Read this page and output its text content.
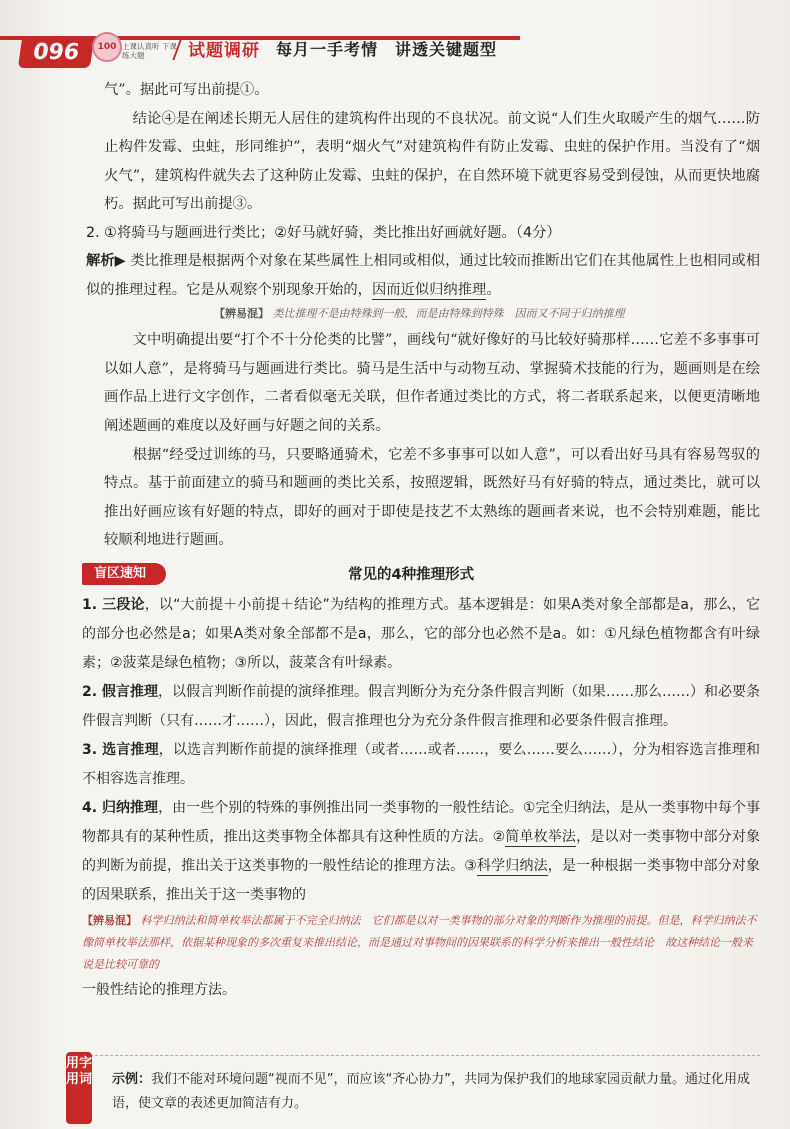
096	100 上课认真听 下课练大题	试题调研 每月一手考情　讲透关键题型

气”。据此可写出前提①。

结论④是在阐述长期无人居住的建筑构件出现的不良状况。前文说“人们生火取暖产生的烟气……防止构件发霉、虫蛀，形同维护”，表明“烟火气”对建筑构件有防止发霉、虫蛀的保护作用。当没有了“烟火气”，建筑构件就失去了这种防止发霉、虫蛀的保护，在自然环境下就更容易受到侵蚀，从而更快地腐朽。据此可写出前提③。

2. ①将骑马与题画进行类比；②好马就好骑，类比推出好画就好题。（4分）

解析▶ 类比推理是根据两个对象在某些属性上相同或相似，通过比较而推断出它们在其他属性上也相同或相似的推理过程。它是从观察个别现象开始的，因而近似归纳推理。

【辨易混】 类比推理不是由特殊到一般，而是由特殊到特殊　因而又不同于归纳推理

文中明确提出要“打个不十分伦类的比譬”，画线句“就好像好的马比较好骑那样……它差不多事事可以如人意”，是将骑马与题画进行类比。骑马是生活中与动物互动、掌握骑术技能的行为，题画则是在绘画作品上进行文字创作，二者看似毫无关联，但作者通过类比的方式，将二者联系起来，以便更清晰地阐述题画的难度以及好画与好题之间的关系。

根据“经受过训练的马，只要略通骑术，它差不多事事可以如人意”，可以看出好马具有容易驾驭的特点。基于前面建立的骑马和题画的类比关系，按照逻辑，既然好马有好骑的特点，通过类比，就可以推出好画应该有好题的特点，即好的画对于即使是技艺不太熟练的题画者来说，也不会特别难题，能比较顺利地进行题画。

盲区速知	常见的4种推理形式

1. 三段论，以“大前提＋小前提＋结论”为结构的推理方式。基本逻辑是：如果A类对象全部都是a，那么，它的部分也必然是a；如果A类对象全部都不是a，那么，它的部分也必然不是a。如：①凡绿色植物都含有叶绿素；②菠菜是绿色植物；③所以，菠菜含有叶绿素。

2. 假言推理，以假言判断作前提的演绎推理。假言判断分为充分条件假言判断（如果……那么……）和必要条件假言判断（只有……才……），因此，假言推理也分为充分条件假言推理和必要条件假言推理。

3. 选言推理，以选言判断作前提的演绎推理（或者……或者……，要么……要么……），分为相容选言推理和不相容选言推理。

4. 归纳推理，由一些个别的特殊的事例推出同一类事物的一般性结论。①完全归纳法，是从一类事物中每个事物都具有的某种性质，推出这类事物全体都具有这种性质的方法。②简单枚举法，是以对一类事物中部分对象的判断为前提，推出关于这类事物的一般性结论的推理方法。③科学归纳法，是一种根据一类事物中部分对象的因果联系，推出关于这一类事物的

【辨易混】 科学归纳法和简单枚举法都属于不完全归纳法　它们都是以对一类事物的部分对象的判断作为推理的前提。但是，科学归纳法不像简单枚举法那样，依据某种现象的多次重复来推出结论，而是通过对事物间的因果联系的科学分析来推出一般性结论　故这种结论一般来说是比较可靠的

一般性结论的推理方法。

用字用词 示例：我们不能对环境问题“视而不见”，而应该“齐心协力”，共同为保护我们的地球家园贡献力量。通过化用成语，使文章的表述更加简洁有力。
